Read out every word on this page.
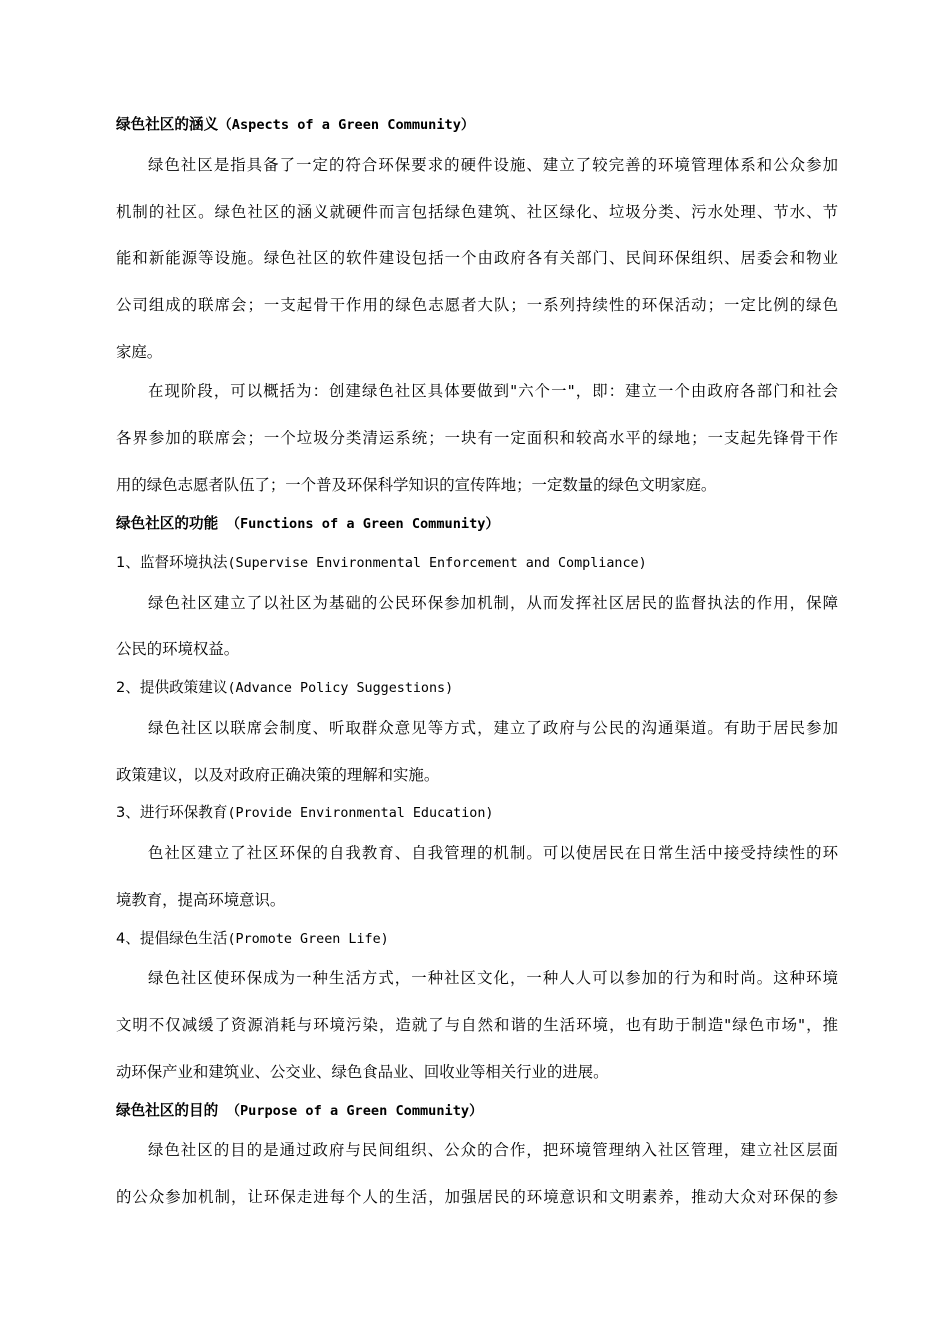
绿色社区的涵义（Aspects of a Green Community）
绿色社区是指具备了一定的符合环保要求的硬件设施、建立了较完善的环境管理体系和公众参加
机制的社区。绿色社区的涵义就硬件而言包括绿色建筑、社区绿化、垃圾分类、污水处理、节水、节
能和新能源等设施。绿色社区的软件建设包括一个由政府各有关部门、民间环保组织、居委会和物业
公司组成的联席会；一支起骨干作用的绿色志愿者大队；一系列持续性的环保活动；一定比例的绿色
家庭。
在现阶段，可以概括为：创建绿色社区具体要做到"六个一"，即：建立一个由政府各部门和社会
各界参加的联席会；一个垃圾分类清运系统；一块有一定面积和较高水平的绿地；一支起先锋骨干作
用的绿色志愿者队伍了；一个普及环保科学知识的宣传阵地；一定数量的绿色文明家庭。
绿色社区的功能 （Functions of a Green Community）
1、监督环境执法(Supervise Environmental Enforcement and Compliance)
绿色社区建立了以社区为基础的公民环保参加机制，从而发挥社区居民的监督执法的作用，保障
公民的环境权益。
2、提供政策建议(Advance Policy Suggestions)
绿色社区以联席会制度、听取群众意见等方式，建立了政府与公民的沟通渠道。有助于居民参加
政策建议，以及对政府正确决策的理解和实施。
3、进行环保教育(Provide Environmental Education)
色社区建立了社区环保的自我教育、自我管理的机制。可以使居民在日常生活中接受持续性的环
境教育，提高环境意识。
4、提倡绿色生活(Promote Green Life)
绿色社区使环保成为一种生活方式，一种社区文化，一种人人可以参加的行为和时尚。这种环境
文明不仅减缓了资源消耗与环境污染，造就了与自然和谐的生活环境，也有助于制造"绿色市场"，推
动环保产业和建筑业、公交业、绿色食品业、回收业等相关行业的进展。
绿色社区的目的 （Purpose of a Green Community）
绿色社区的目的是通过政府与民间组织、公众的合作，把环境管理纳入社区管理，建立社区层面
的公众参加机制，让环保走进每个人的生活，加强居民的环境意识和文明素养，推动大众对环保的参
